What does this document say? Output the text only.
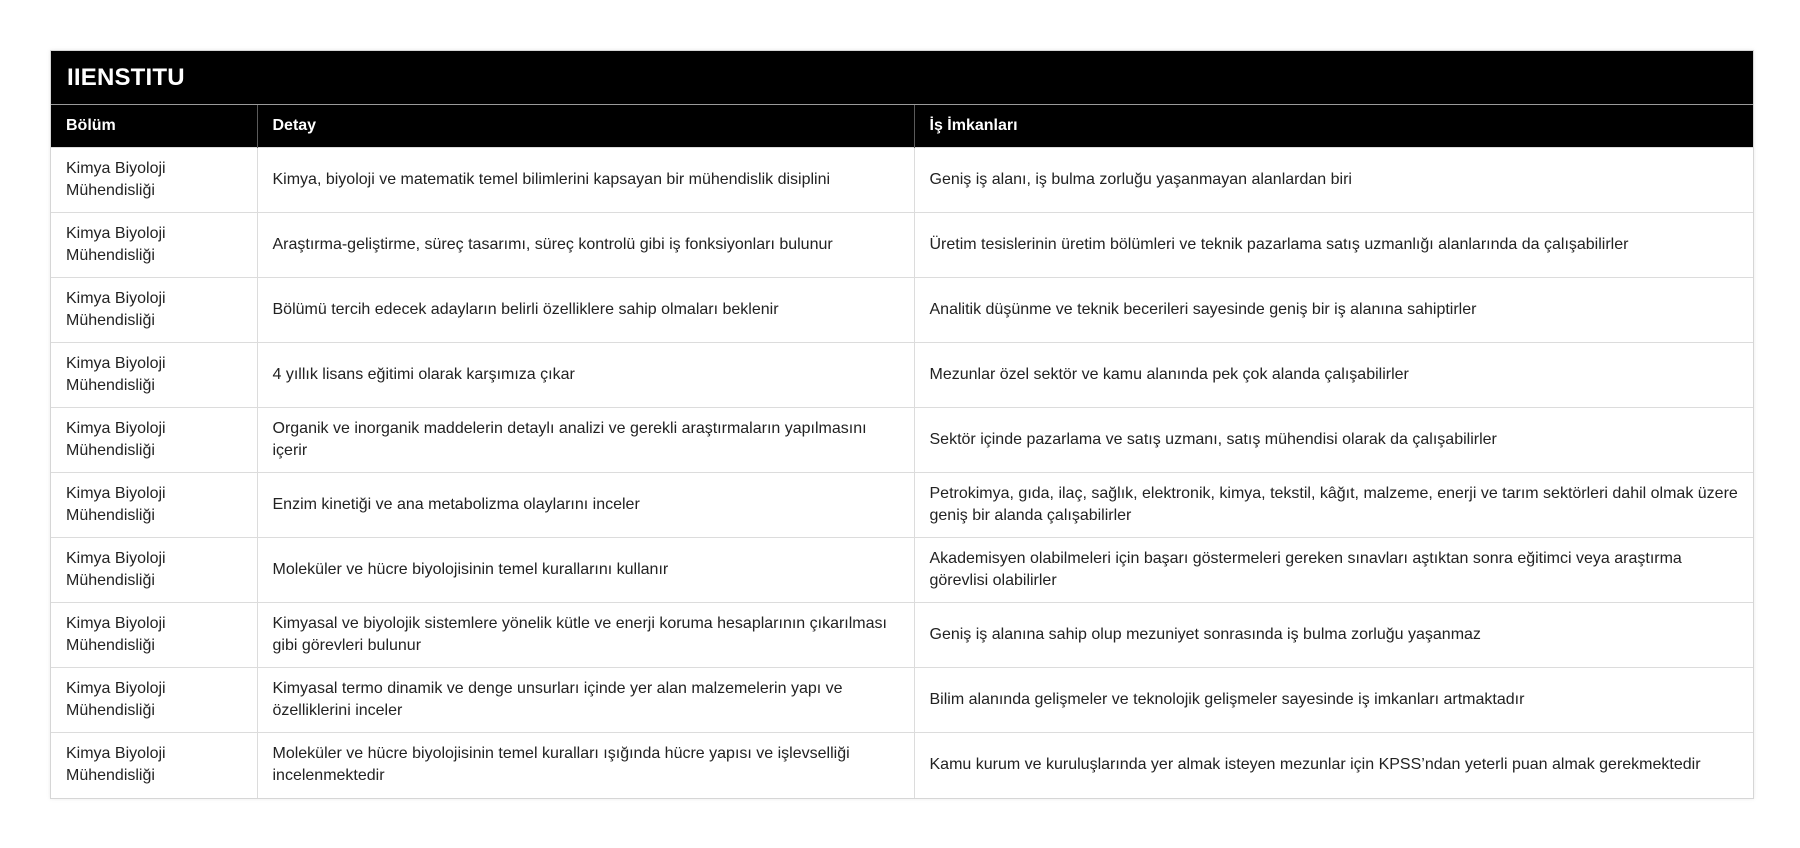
IIENSTITU
Bölüm	Detay	İş İmkanları
Kimya Biyoloji Mühendisliği	Kimya, biyoloji ve matematik temel bilimlerini kapsayan bir mühendislik disiplini	Geniş iş alanı, iş bulma zorluğu yaşanmayan alanlardan biri
Kimya Biyoloji Mühendisliği	Araştırma-geliştirme, süreç tasarımı, süreç kontrolü gibi iş fonksiyonları bulunur	Üretim tesislerinin üretim bölümleri ve teknik pazarlama satış uzmanlığı alanlarında da çalışabilirler
Kimya Biyoloji Mühendisliği	Bölümü tercih edecek adayların belirli özelliklere sahip olmaları beklenir	Analitik düşünme ve teknik becerileri sayesinde geniş bir iş alanına sahiptirler
Kimya Biyoloji Mühendisliği	4 yıllık lisans eğitimi olarak karşımıza çıkar	Mezunlar özel sektör ve kamu alanında pek çok alanda çalışabilirler
Kimya Biyoloji Mühendisliği	Organik ve inorganik maddelerin detaylı analizi ve gerekli araştırmaların yapılmasını içerir	Sektör içinde pazarlama ve satış uzmanı, satış mühendisi olarak da çalışabilirler
Kimya Biyoloji Mühendisliği	Enzim kinetiği ve ana metabolizma olaylarını inceler	Petrokimya, gıda, ilaç, sağlık, elektronik, kimya, tekstil, kâğıt, malzeme, enerji ve tarım sektörleri dahil olmak üzere geniş bir alanda çalışabilirler
Kimya Biyoloji Mühendisliği	Moleküler ve hücre biyolojisinin temel kurallarını kullanır	Akademisyen olabilmeleri için başarı göstermeleri gereken sınavları aştıktan sonra eğitimci veya araştırma görevlisi olabilirler
Kimya Biyoloji Mühendisliği	Kimyasal ve biyolojik sistemlere yönelik kütle ve enerji koruma hesaplarının çıkarılması gibi görevleri bulunur	Geniş iş alanına sahip olup mezuniyet sonrasında iş bulma zorluğu yaşanmaz
Kimya Biyoloji Mühendisliği	Kimyasal termo dinamik ve denge unsurları içinde yer alan malzemelerin yapı ve özelliklerini inceler	Bilim alanında gelişmeler ve teknolojik gelişmeler sayesinde iş imkanları artmaktadır
Kimya Biyoloji Mühendisliği	Moleküler ve hücre biyolojisinin temel kuralları ışığında hücre yapısı ve işlevselliği incelenmektedir	Kamu kurum ve kuruluşlarında yer almak isteyen mezunlar için KPSS’ndan yeterli puan almak gerekmektedir
